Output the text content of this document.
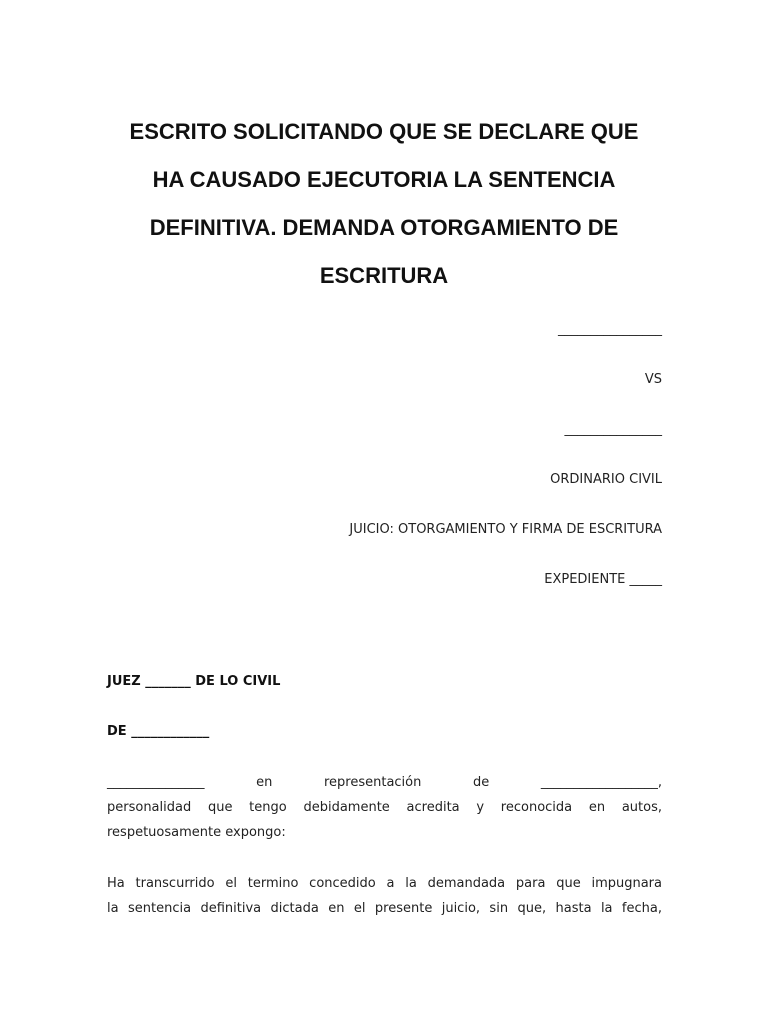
ESCRITO SOLICITANDO QUE SE DECLARE QUE
HA CAUSADO EJECUTORIA LA SENTENCIA
DEFINITIVA. DEMANDA OTORGAMIENTO DE
ESCRITURA
________________
VS
_______________
ORDINARIO CIVIL
JUICIO: OTORGAMIENTO Y FIRMA DE ESCRITURA
EXPEDIENTE _____
JUEZ _______ DE LO CIVIL
DE ____________
_______________	en	representación	de	__________________,
personalidad que tengo debidamente acredita y reconocida en autos,
respetuosamente expongo:
Ha transcurrido el termino concedido a la demandada para que impugnara
la sentencia definitiva dictada en el presente juicio, sin que, hasta la fecha,
